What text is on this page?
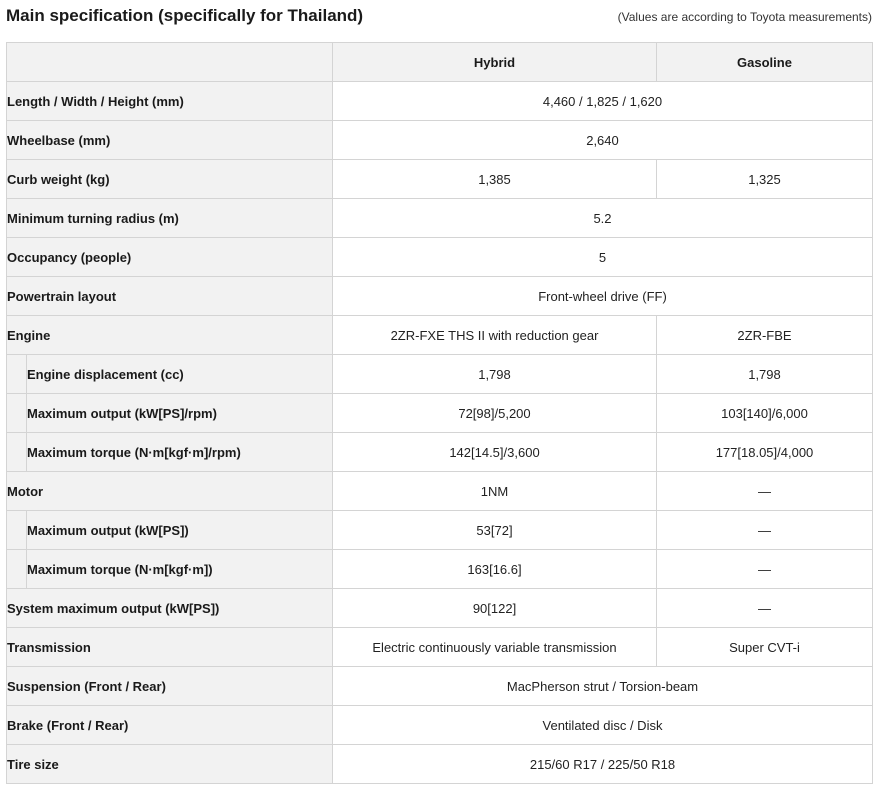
Main specification (specifically for Thailand)	(Values are according to Toyota measurements)
		Hybrid	Gasoline
Length / Width / Height (mm)		4,460 / 1,825 / 1,620	
Wheelbase (mm)		2,640	
Curb weight (kg)		1,385	1,325
Minimum turning radius (m)		5.2	
Occupancy (people)		5	
Powertrain layout		Front-wheel drive (FF)	
Engine		2ZR-FXE THS II with reduction gear	2ZR-FBE
	Engine displacement (cc)	1,798	1,798
	Maximum output (kW[PS]/rpm)	72[98]/5,200	103[140]/6,000
	Maximum torque (N·m[kgf·m]/rpm)	142[14.5]/3,600	177[18.05]/4,000
Motor		1NM	—
	Maximum output (kW[PS])	53[72]	—
	Maximum torque (N·m[kgf·m])	163[16.6]	—
System maximum output (kW[PS])		90[122]	—
Transmission		Electric continuously variable transmission	Super CVT-i
Suspension (Front / Rear)		MacPherson strut / Torsion-beam	
Brake (Front / Rear)		Ventilated disc / Disk	
Tire size		215/60 R17 / 225/50 R18	
